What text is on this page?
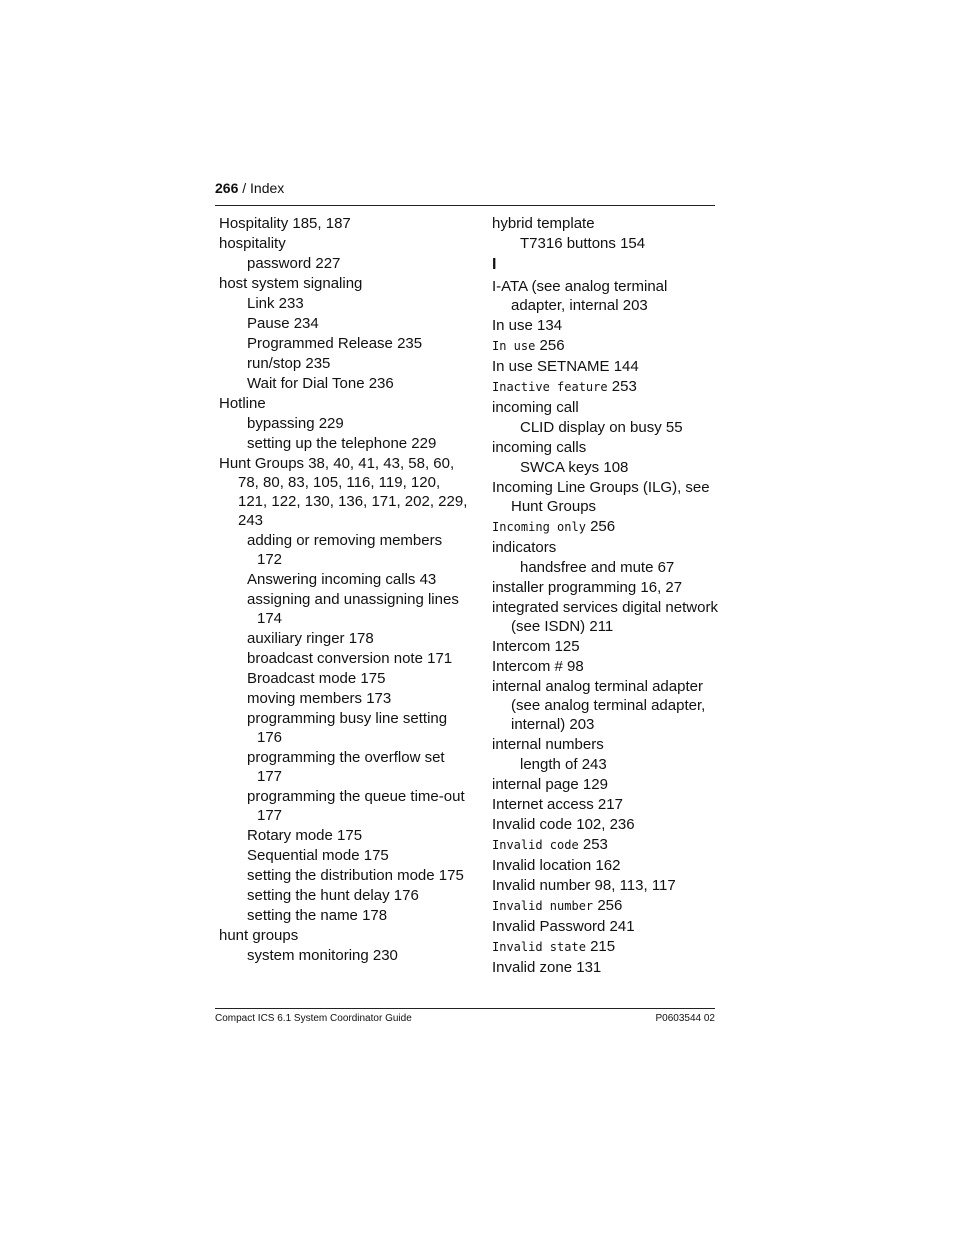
266 / Index
Hospitality 185, 187
hospitality
password 227
host system signaling
Link 233
Pause 234
Programmed Release 235
run/stop 235
Wait for Dial Tone 236
Hotline
bypassing 229
setting up the telephone 229
Hunt Groups 38, 40, 41, 43, 58, 60, 78, 80, 83, 105, 116, 119, 120, 121, 122, 130, 136, 171, 202, 229, 243
adding or removing members 172
Answering incoming calls 43
assigning and unassigning lines 174
auxiliary ringer 178
broadcast conversion note 171
Broadcast mode 175
moving members 173
programming busy line setting 176
programming the overflow set 177
programming the queue time-out 177
Rotary mode 175
Sequential mode 175
setting the distribution mode 175
setting the hunt delay 176
setting the name 178
hunt groups
system monitoring 230
hybrid template
T7316 buttons 154
I
I-ATA (see analog terminal adapter, internal 203
In use 134
In use 256
In use SETNAME 144
Inactive feature 253
incoming call
CLID display on busy 55
incoming calls
SWCA keys 108
Incoming Line Groups (ILG), see Hunt Groups
Incoming only 256
indicators
handsfree and mute 67
installer programming 16, 27
integrated services digital network (see ISDN) 211
Intercom 125
Intercom # 98
internal analog terminal adapter (see analog terminal adapter, internal) 203
internal numbers
length of 243
internal page 129
Internet access 217
Invalid code 102, 236
Invalid code 253
Invalid location 162
Invalid number 98, 113, 117
Invalid number 256
Invalid Password 241
Invalid state 215
Invalid zone 131
Compact ICS 6.1 System Coordinator Guide	P0603544 02
